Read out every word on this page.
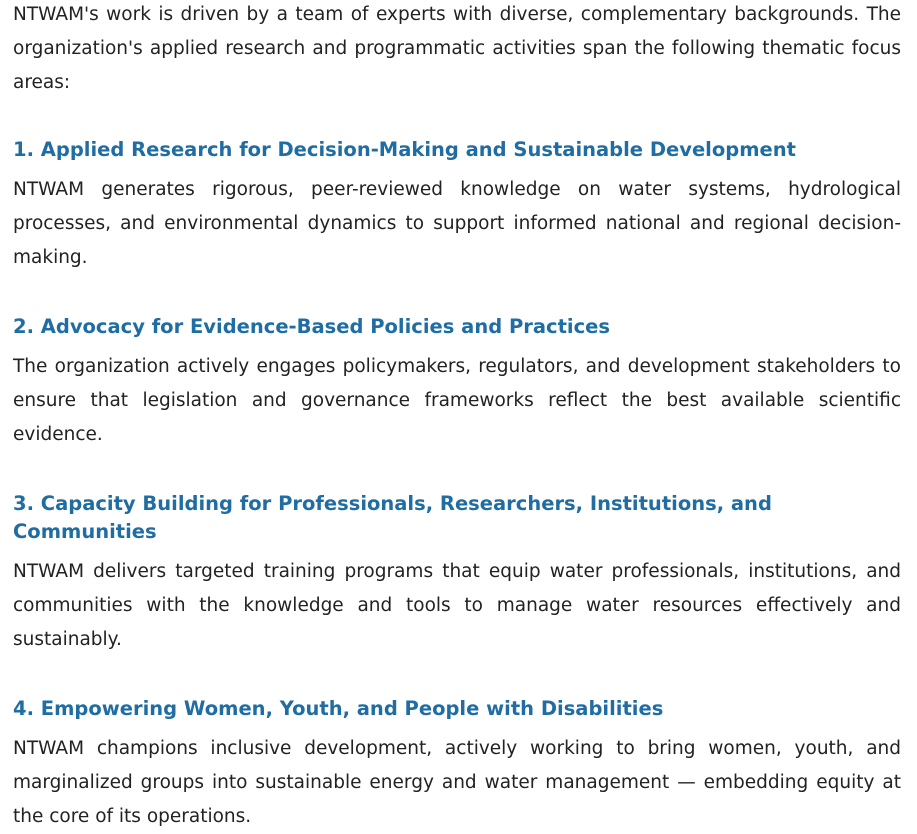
NTWAM's work is driven by a team of experts with diverse, complementary backgrounds. The organization's applied research and programmatic activities span the following thematic focus areas:

1. Applied Research for Decision-Making and Sustainable Development

NTWAM generates rigorous, peer-reviewed knowledge on water systems, hydrological processes, and environmental dynamics to support informed national and regional decision-making.

2. Advocacy for Evidence-Based Policies and Practices

The organization actively engages policymakers, regulators, and development stakeholders to ensure that legislation and governance frameworks reflect the best available scientific evidence.

3. Capacity Building for Professionals, Researchers, Institutions, and Communities

NTWAM delivers targeted training programs that equip water professionals, institutions, and communities with the knowledge and tools to manage water resources effectively and sustainably.

4. Empowering Women, Youth, and People with Disabilities

NTWAM champions inclusive development, actively working to bring women, youth, and marginalized groups into sustainable energy and water management — embedding equity at the core of its operations.
